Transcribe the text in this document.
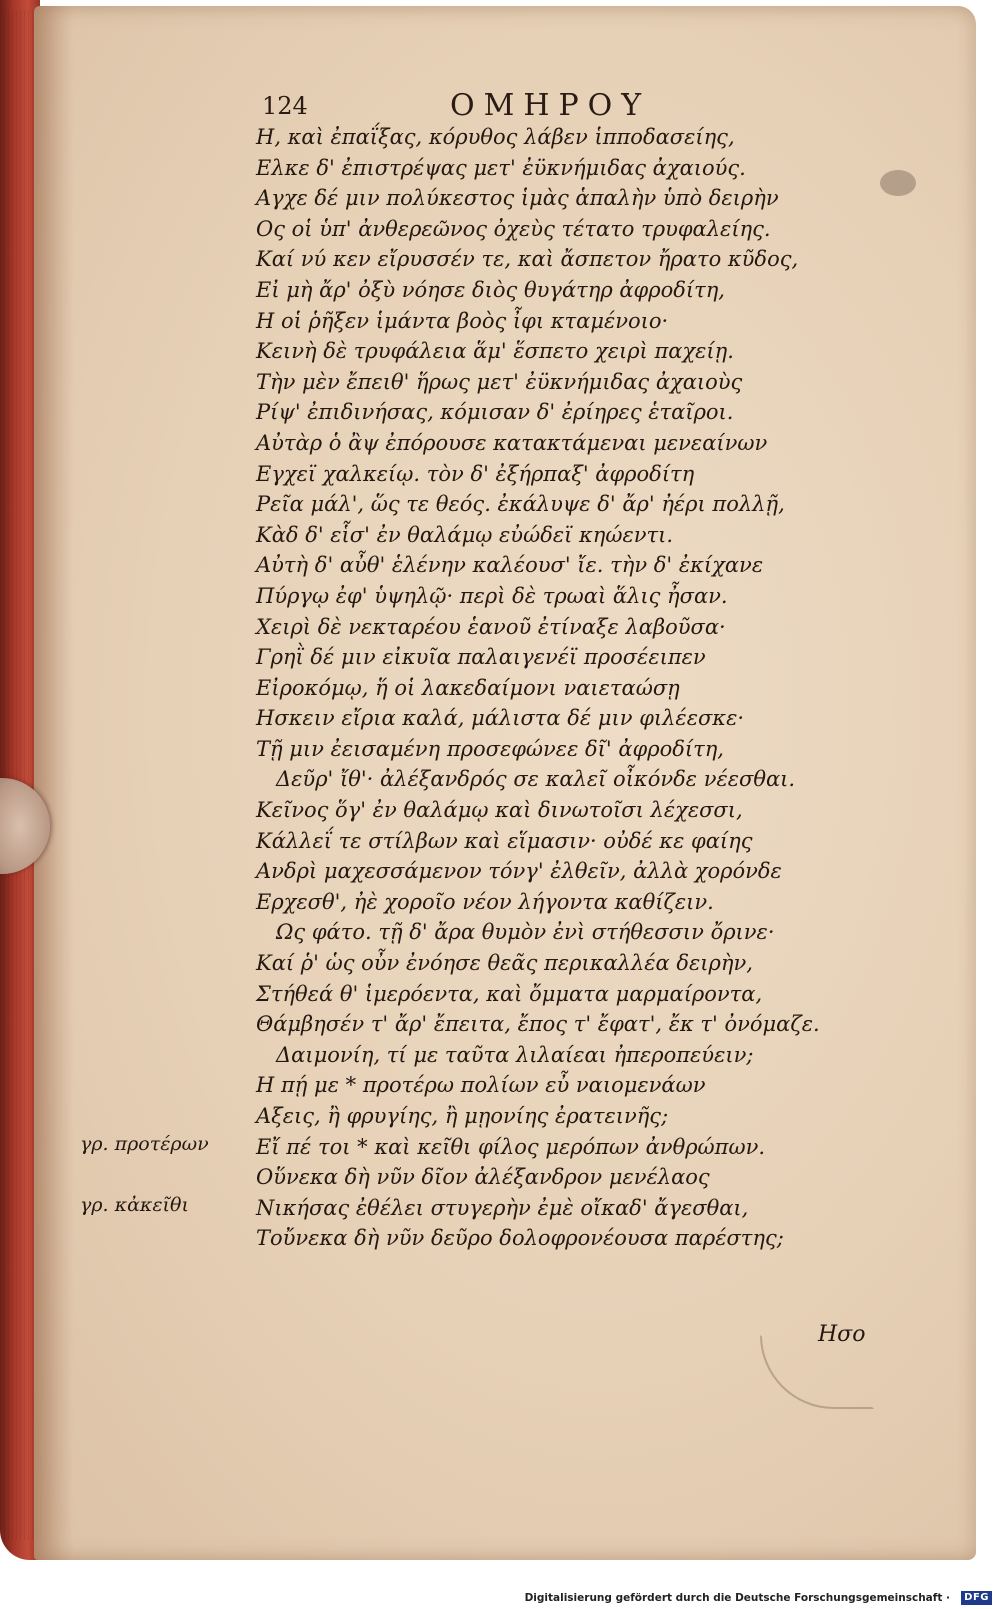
124	ΟΜΗΡΟΥ
Η, καὶ ἐπαΐξας, κόρυθος λάβεν ἱπποδασείης,
Ελκε δ' ἐπιστρέψας μετ' ἐϋκνήμιδας ἀχαιούς.
Αγχε δέ μιν πολύκεστος ἱμὰς ἁπαλὴν ὑπὸ δειρὴν
Ος οἱ ὑπ' ἀνθερεῶνος ὀχεὺς τέτατο τρυφαλείης.
Καί νύ κεν εἴρυσσέν τε, καὶ ἄσπετον ἤρατο κῦδος,
Εἰ μὴ ἄρ' ὀξὺ νόησε διὸς θυγάτηρ ἀφροδίτη,
Η οἱ ῥῆξεν ἱμάντα βοὸς ἶφι κταμένοιο·
Κεινὴ δὲ τρυφάλεια ἅμ' ἕσπετο χειρὶ παχείῃ.
Τὴν μὲν ἔπειθ' ἥρως μετ' ἐϋκνήμιδας ἀχαιοὺς
Ρίψ' ἐπιδινήσας, κόμισαν δ' ἐρίηρες ἑταῖροι.
Αὐτὰρ ὁ ἂψ ἐπόρουσε κατακτάμεναι μενεαίνων
Εγχεϊ χαλκείῳ. τὸν δ' ἐξήρπαξ' ἀφροδίτη
Ρεῖα μάλ', ὥς τε θεός. ἐκάλυψε δ' ἄρ' ἠέρι πολλῇ,
Κὰδ δ' εἷσ' ἐν θαλάμῳ εὐώδεϊ κηώεντι.
Αὐτὴ δ' αὖθ' ἑλένην καλέουσ' ἴε. τὴν δ' ἐκίχανε
Πύργῳ ἐφ' ὑψηλῷ· περὶ δὲ τρωαὶ ἅλις ἦσαν.
Χειρὶ δὲ νεκταρέου ἑανοῦ ἐτίναξε λαβοῦσα·
Γρηῒ δέ μιν εἰκυῖα παλαιγενέϊ προσέειπεν
Εἰροκόμῳ, ἥ οἱ λακεδαίμονι ναιεταώσῃ
Ησκειν εἴρια καλά, μάλιστα δέ μιν φιλέεσκε·
Τῇ μιν ἐεισαμένη προσεφώνεε δῖ' ἀφροδίτη,
Δεῦρ' ἴθ'· ἀλέξανδρός σε καλεῖ οἶκόνδε νέεσθαι.
Κεῖνος ὅγ' ἐν θαλάμῳ καὶ δινωτοῖσι λέχεσσι,
Κάλλεΐ τε στίλβων καὶ εἵμασιν· οὐδέ κε φαίης
Ανδρὶ μαχεσσάμενον τόνγ' ἐλθεῖν, ἀλλὰ χορόνδε
Ερχεσθ', ἠὲ χοροῖο νέον λήγοντα καθίζειν.
Ως φάτο. τῇ δ' ἄρα θυμὸν ἐνὶ στήθεσσιν ὄρινε·
Καί ῥ' ὡς οὖν ἐνόησε θεᾶς περικαλλέα δειρὴν,
Στήθεά θ' ἱμερόεντα, καὶ ὄμματα μαρμαίροντα,
Θάμβησέν τ' ἄρ' ἔπειτα, ἔπος τ' ἔφατ', ἔκ τ' ὀνόμαζε.
Δαιμονίη, τί με ταῦτα λιλαίεαι ἠπεροπεύειν;
Η πῄ με * προτέρω πολίων εὖ ναιομενάων
Αξεις, ἢ φρυγίης, ἢ μῃονίης ἐρατεινῆς;
Εἴ πέ τοι * καὶ κεῖθι φίλος μερόπων ἀνθρώπων.
Οὕνεκα δὴ νῦν δῖον ἀλέξανδρον μενέλαος
Νικήσας ἐθέλει στυγερὴν ἐμὲ οἴκαδ' ἄγεσθαι,
Τοὔνεκα δὴ νῦν δεῦρο δολοφρονέουσα παρέστης;
γρ. προτέρων
γρ. κἀκεῖθι
Ησο
Digitalisierung gefördert durch die Deutsche Forschungsgemeinschaft ·	DFG
